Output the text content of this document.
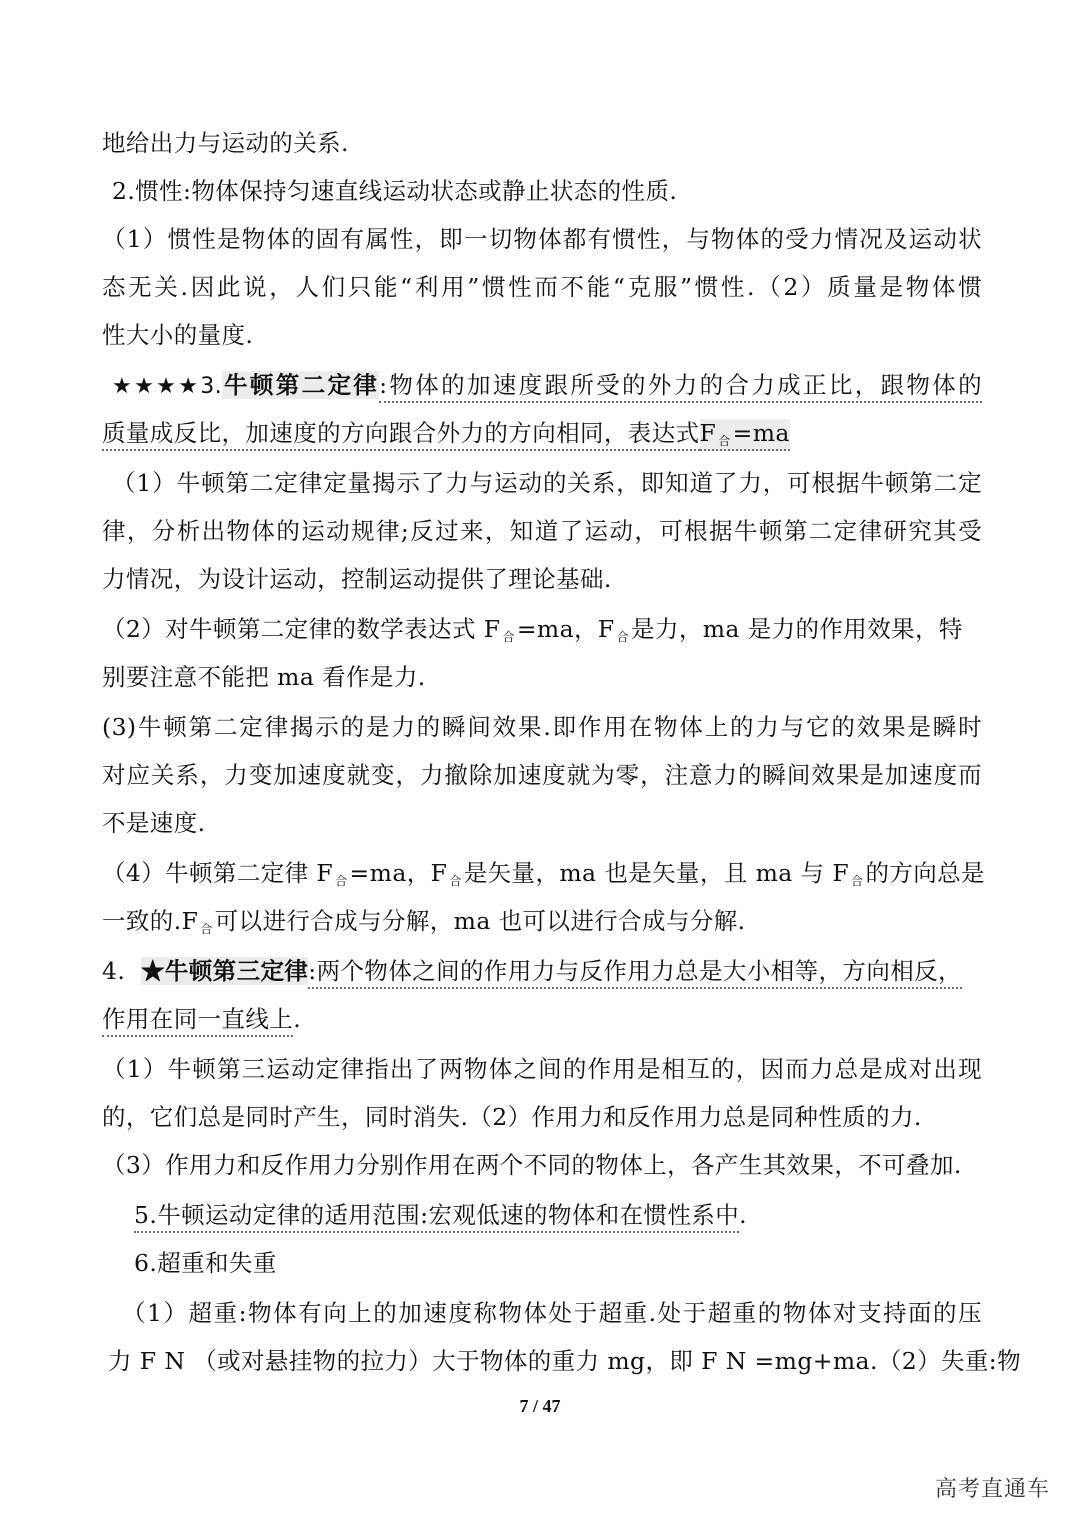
地给出力与运动的关系.
2.惯性:物体保持匀速直线运动状态或静止状态的性质.
（1）惯性是物体的固有属性，即一切物体都有惯性，与物体的受力情况及运动状
态无关.因此说，人们只能“利用”惯性而不能“克服”惯性.（2）质量是物体惯
性大小的量度.
★★★★3.牛顿第二定律:物体的加速度跟所受的外力的合力成正比，跟物体的
质量成反比，加速度的方向跟合外力的方向相同，表达式F $_合$=ma
（1）牛顿第二定律定量揭示了力与运动的关系，即知道了力，可根据牛顿第二定
律，分析出物体的运动规律;反过来，知道了运动，可根据牛顿第二定律研究其受
力情况，为设计运动，控制运动提供了理论基础.
（2）对牛顿第二定律的数学表达式 F $_合$=ma，F $_合$是力，ma 是力的作用效果，特
别要注意不能把 ma 看作是力.
(3)牛顿第二定律揭示的是力的瞬间效果.即作用在物体上的力与它的效果是瞬时
对应关系，力变加速度就变，力撤除加速度就为零，注意力的瞬间效果是加速度而
不是速度.
（4）牛顿第二定律 F $_合$=ma，F $_合$是矢量，ma 也是矢量，且 ma 与 F $_合$的方向总是
一致的.F $_合$可以进行合成与分解，ma 也可以进行合成与分解.
4. ★牛顿第三定律:两个物体之间的作用力与反作用力总是大小相等，方向相反，
作用在同一直线上.
（1）牛顿第三运动定律指出了两物体之间的作用是相互的，因而力总是成对出现
的，它们总是同时产生，同时消失.（2）作用力和反作用力总是同种性质的力.
（3）作用力和反作用力分别作用在两个不同的物体上，各产生其效果，不可叠加.
5.牛顿运动定律的适用范围:宏观低速的物体和在惯性系中.
6.超重和失重
（1）超重:物体有向上的加速度称物体处于超重.处于超重的物体对支持面的压
力 F N （或对悬挂物的拉力）大于物体的重力 mg，即 F N =mg+ma.（2）失重:物
7 / 47
高考直通车
